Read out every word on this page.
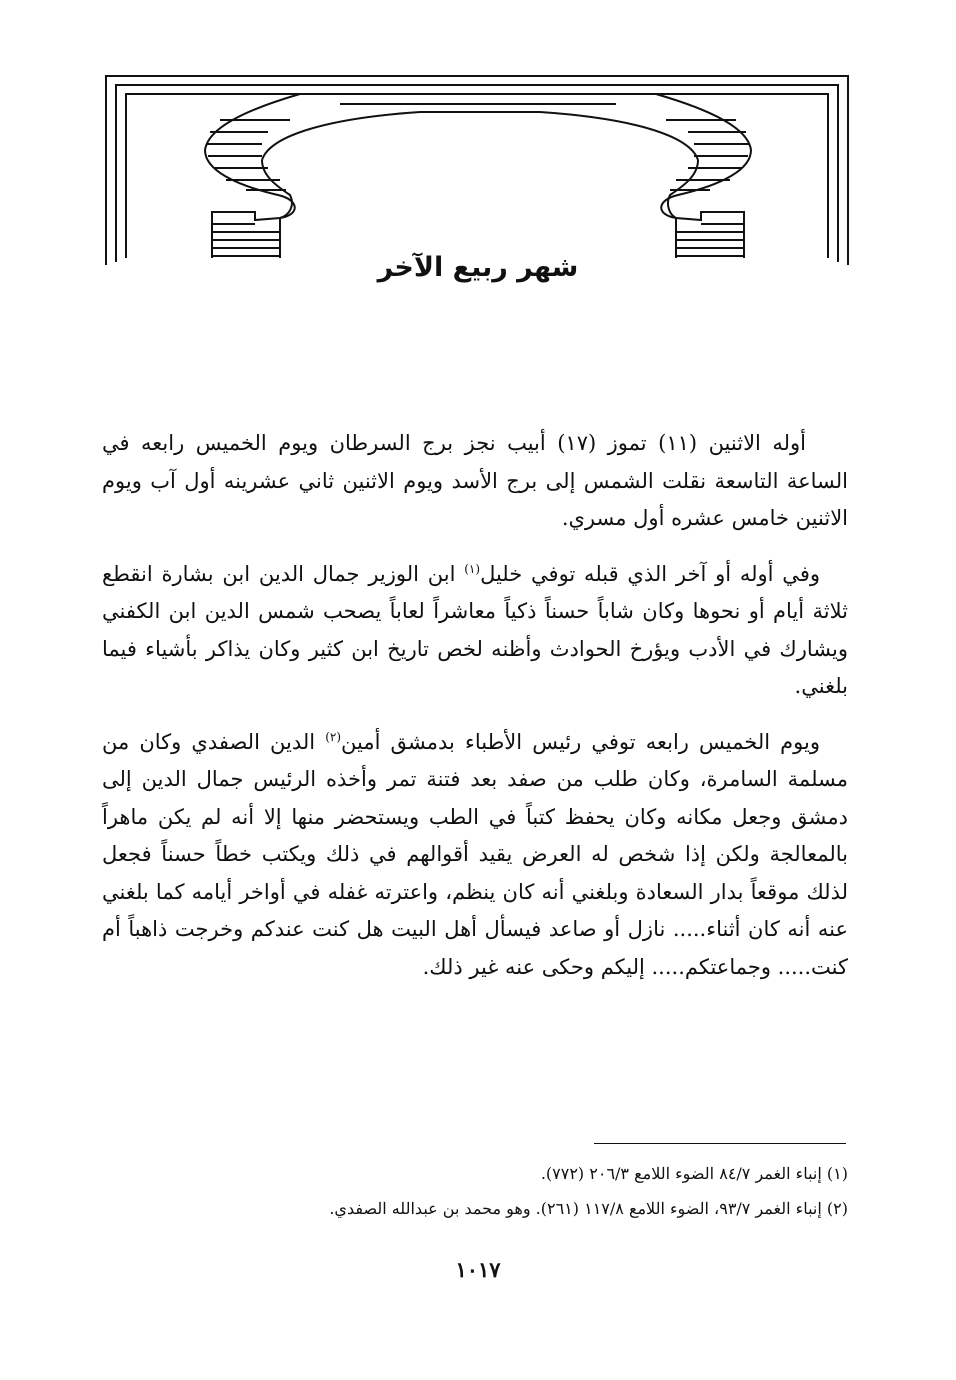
شهر ربيع الآخر

أوله الاثنين (١١) تموز (١٧) أبيب نجز برج السرطان ويوم الخميس رابعه في الساعة التاسعة نقلت الشمس إلى برج الأسد ويوم الاثنين ثاني عشرينه أول آب ويوم الاثنين خامس عشره أول مسري.

وفي أوله أو آخر الذي قبله توفي خليل$^{(١)}$ ابن الوزير جمال الدين ابن بشارة انقطع ثلاثة أيام أو نحوها وكان شاباً حسناً ذكياً معاشراً لعاباً يصحب شمس الدين ابن الكفني ويشارك في الأدب ويؤرخ الحوادث وأظنه لخص تاريخ ابن كثير وكان يذاكر بأشياء فيما بلغني.

ويوم الخميس رابعه توفي رئيس الأطباء بدمشق أمين$^{(٢)}$ الدين الصفدي وكان من مسلمة السامرة، وكان طلب من صفد بعد فتنة تمر وأخذه الرئيس جمال الدين إلى دمشق وجعل مكانه وكان يحفظ كتباً في الطب ويستحضر منها إلا أنه لم يكن ماهراً بالمعالجة ولكن إذا شخص له العرض يقيد أقوالهم في ذلك ويكتب خطاً حسناً فجعل لذلك موقعاً بدار السعادة وبلغني أنه كان ينظم، واعترته غفله في أواخر أيامه كما بلغني عنه أنه كان أثناء..... نازل أو صاعد فيسأل أهل البيت هل كنت عندكم وخرجت ذاهباً أم كنت..... وجماعتكم..... إليكم وحكى عنه غير ذلك.

(١) إنباء الغمر ٨٤/٧ الضوء اللامع ٢٠٦/٣ (٧٧٢).
(٢) إنباء الغمر ٩٣/٧، الضوء اللامع ١١٧/٨ (٢٦١). وهو محمد بن عبدالله الصفدي.
١٠١٧
